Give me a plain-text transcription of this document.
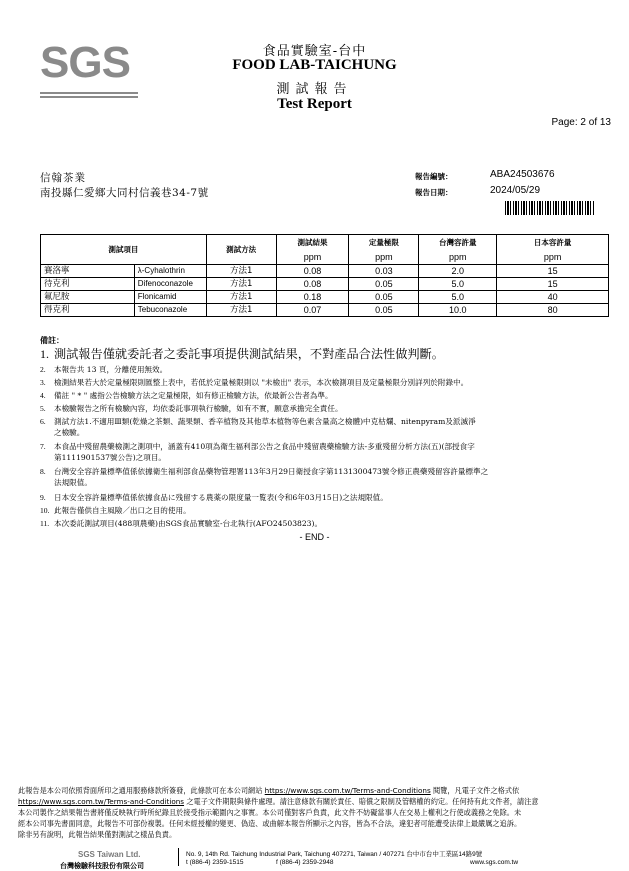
SGS	食品實驗室-台中
FOOD LAB-TAICHUNG
測試報告
Test Report
Page: 2 of 13
信翰茶業
南投縣仁愛鄉大同村信義巷34-7號
報告編號：	ABA24503676
報告日期：	2024/05/29
測試項目		測試方法	測試結果	定量極限	台灣容許量	日本容許量
			ppm	ppm	ppm	ppm
賽洛寧	λ-Cyhalothrin	方法1	0.08	0.03	2.0	15
待克利	Difenoconazole	方法1	0.08	0.05	5.0	15
氟尼胺	Flonicamid	方法1	0.18	0.05	5.0	40
得克利	Tebuconazole	方法1	0.07	0.05	10.0	80
備註：
1. 測試報告僅就委託者之委託事項提供測試結果，不對產品合法性做判斷。
2. 本報告共 13 頁，分離使用無效。
3. 檢測結果若大於定量極限則匯整上表中，若低於定量極限則以 "未檢出" 表示，本次檢測項目及定量極限分別詳列於附錄中。
4. 備註 " * " 處指公告檢驗方法之定量極限，如有修正檢驗方法，依最新公告者為準。
5. 本檢驗報告之所有檢驗內容，均依委託事項執行檢驗，如有不實，願意承擔完全責任。
6. 測試方法1.不適用Ⅲ類(乾燥之茶類、蔬果類、香辛植物及其他草本植物等色素含量高之檢體)中克枯爛、nitenpyram及派滅淨
之檢驗。
7. 本食品中殘留農藥檢測之測項中，涵蓋有410項為衛生福利部公告之食品中殘留農藥檢驗方法-多重殘留分析方法(五)(部授食字
第1111901537號公告)之項目。
8. 台灣安全容許量標準值係依據衛生福利部食品藥物管理署113年3月29日衛授食字第1131300473號令修正農藥殘留容許量標準之
法規限值。
9. 日本安全容許量標準值係依據食品に残留する農薬の限度量一覧表(令和6年03月15日)之法規限值。
10. 此報告僅供自主風險／出口之目的使用。
11. 本次委託測試項目(488項農藥)由SGS食品實驗室-台北執行(AFO24503823)。
- END -
此報告是本公司依照背面所印之通用服務條款所簽發，此條款可在本公司網站 https://www.sgs.com.tw/Terms-and-Conditions 閱覽，凡電子文件之格式依
https://www.sgs.com.tw/Terms-and-Conditions 之電子文件期限與條件處理。請注意條款有關於責任、賠償之限制及管轄權的約定。任何持有此文件者，請注意
本公司製作之結果報告書將僅反映執行時所紀錄且於接受指示範圍內之事實。本公司僅對客戶負責，此文件不妨礙當事人在交易上權利之行使或義務之免除。未
經本公司事先書面同意，此報告不可部份複製。任何未經授權的變更、偽造、或曲解本報告所顯示之內容，皆為不合法，違犯者可能遭受法律上最嚴厲之追訴。
除非另有說明，此報告結果僅對測試之樣品負責。
SGS Taiwan Ltd.
台灣檢驗科技股份有限公司
No. 9, 14th Rd. Taichung Industrial Park, Taichung 407271, Taiwan / 407271 台中市台中工業區14路9號
t (886-4) 2359-1515	f (886-4) 2359-2948	www.sgs.com.tw
